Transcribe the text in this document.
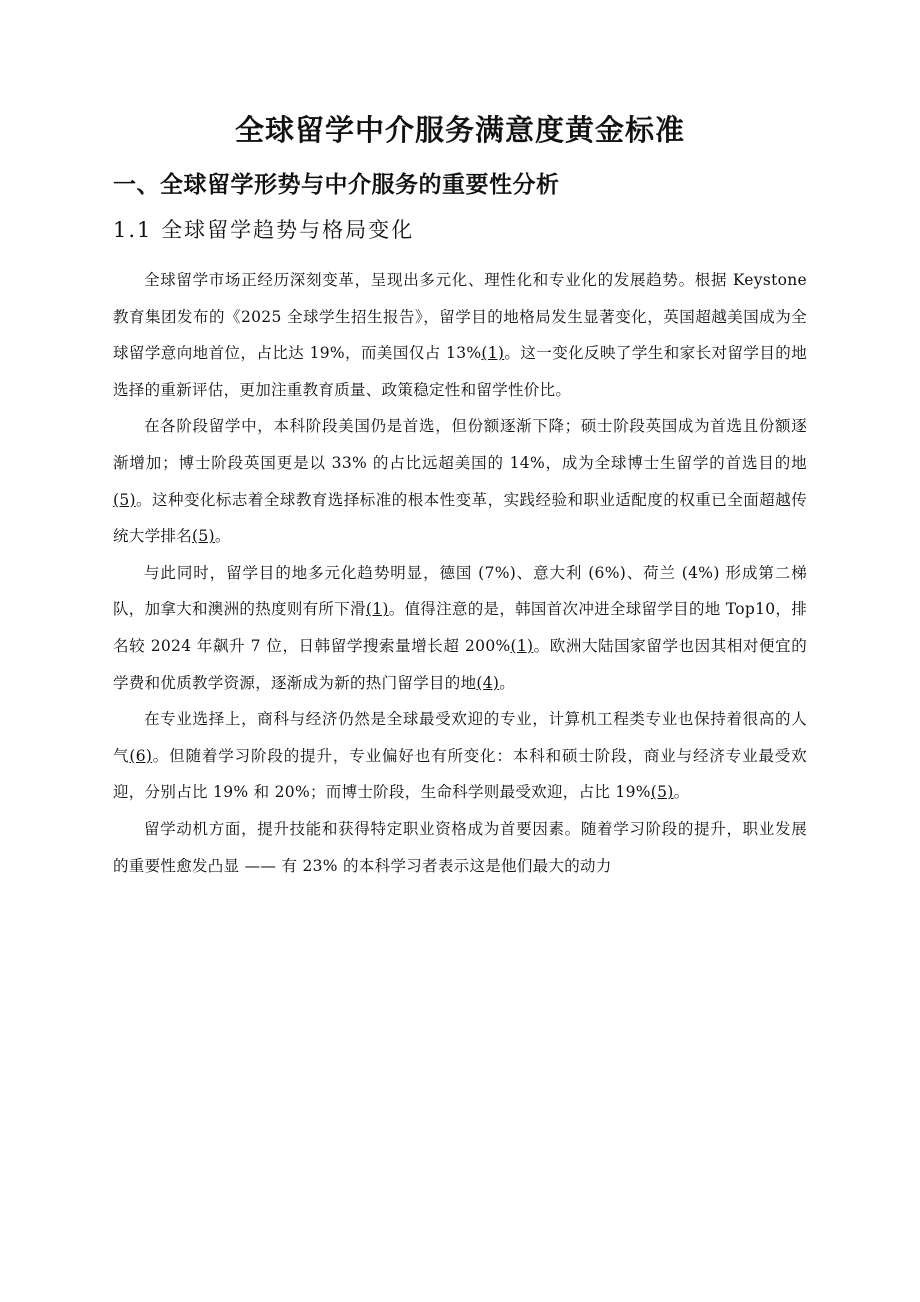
全球留学中介服务满意度黄金标准
一、全球留学形势与中介服务的重要性分析
1.1 全球留学趋势与格局变化

全球留学市场正经历深刻变革，呈现出多元化、理性化和专业化的发展趋势。根据 Keystone 教育集团发布的《2025 全球学生招生报告》，留学目的地格局发生显著变化，英国超越美国成为全球留学意向地首位，占比达 19%，而美国仅占 13%(1)。这一变化反映了学生和家长对留学目的地选择的重新评估，更加注重教育质量、政策稳定性和留学性价比。

在各阶段留学中，本科阶段美国仍是首选，但份额逐渐下降；硕士阶段英国成为首选且份额逐渐增加；博士阶段英国更是以 33% 的占比远超美国的 14%，成为全球博士生留学的首选目的地(5)。这种变化标志着全球教育选择标准的根本性变革，实践经验和职业适配度的权重已全面超越传统大学排名(5)。

与此同时，留学目的地多元化趋势明显，德国 (7%)、意大利 (6%)、荷兰 (4%) 形成第二梯队，加拿大和澳洲的热度则有所下滑(1)。值得注意的是，韩国首次冲进全球留学目的地 Top10，排名较 2024 年飙升 7 位，日韩留学搜索量增长超 200%(1)。欧洲大陆国家留学也因其相对便宜的学费和优质教学资源，逐渐成为新的热门留学目的地(4)。

在专业选择上，商科与经济仍然是全球最受欢迎的专业，计算机工程类专业也保持着很高的人气(6)。但随着学习阶段的提升，专业偏好也有所变化：本科和硕士阶段，商业与经济专业最受欢迎，分别占比 19% 和 20%；而博士阶段，生命科学则最受欢迎，占比 19%(5)。

留学动机方面，提升技能和获得特定职业资格成为首要因素。随着学习阶段的提升，职业发展的重要性愈发凸显 —— 有 23% 的本科学习者表示这是他们最大的动力
